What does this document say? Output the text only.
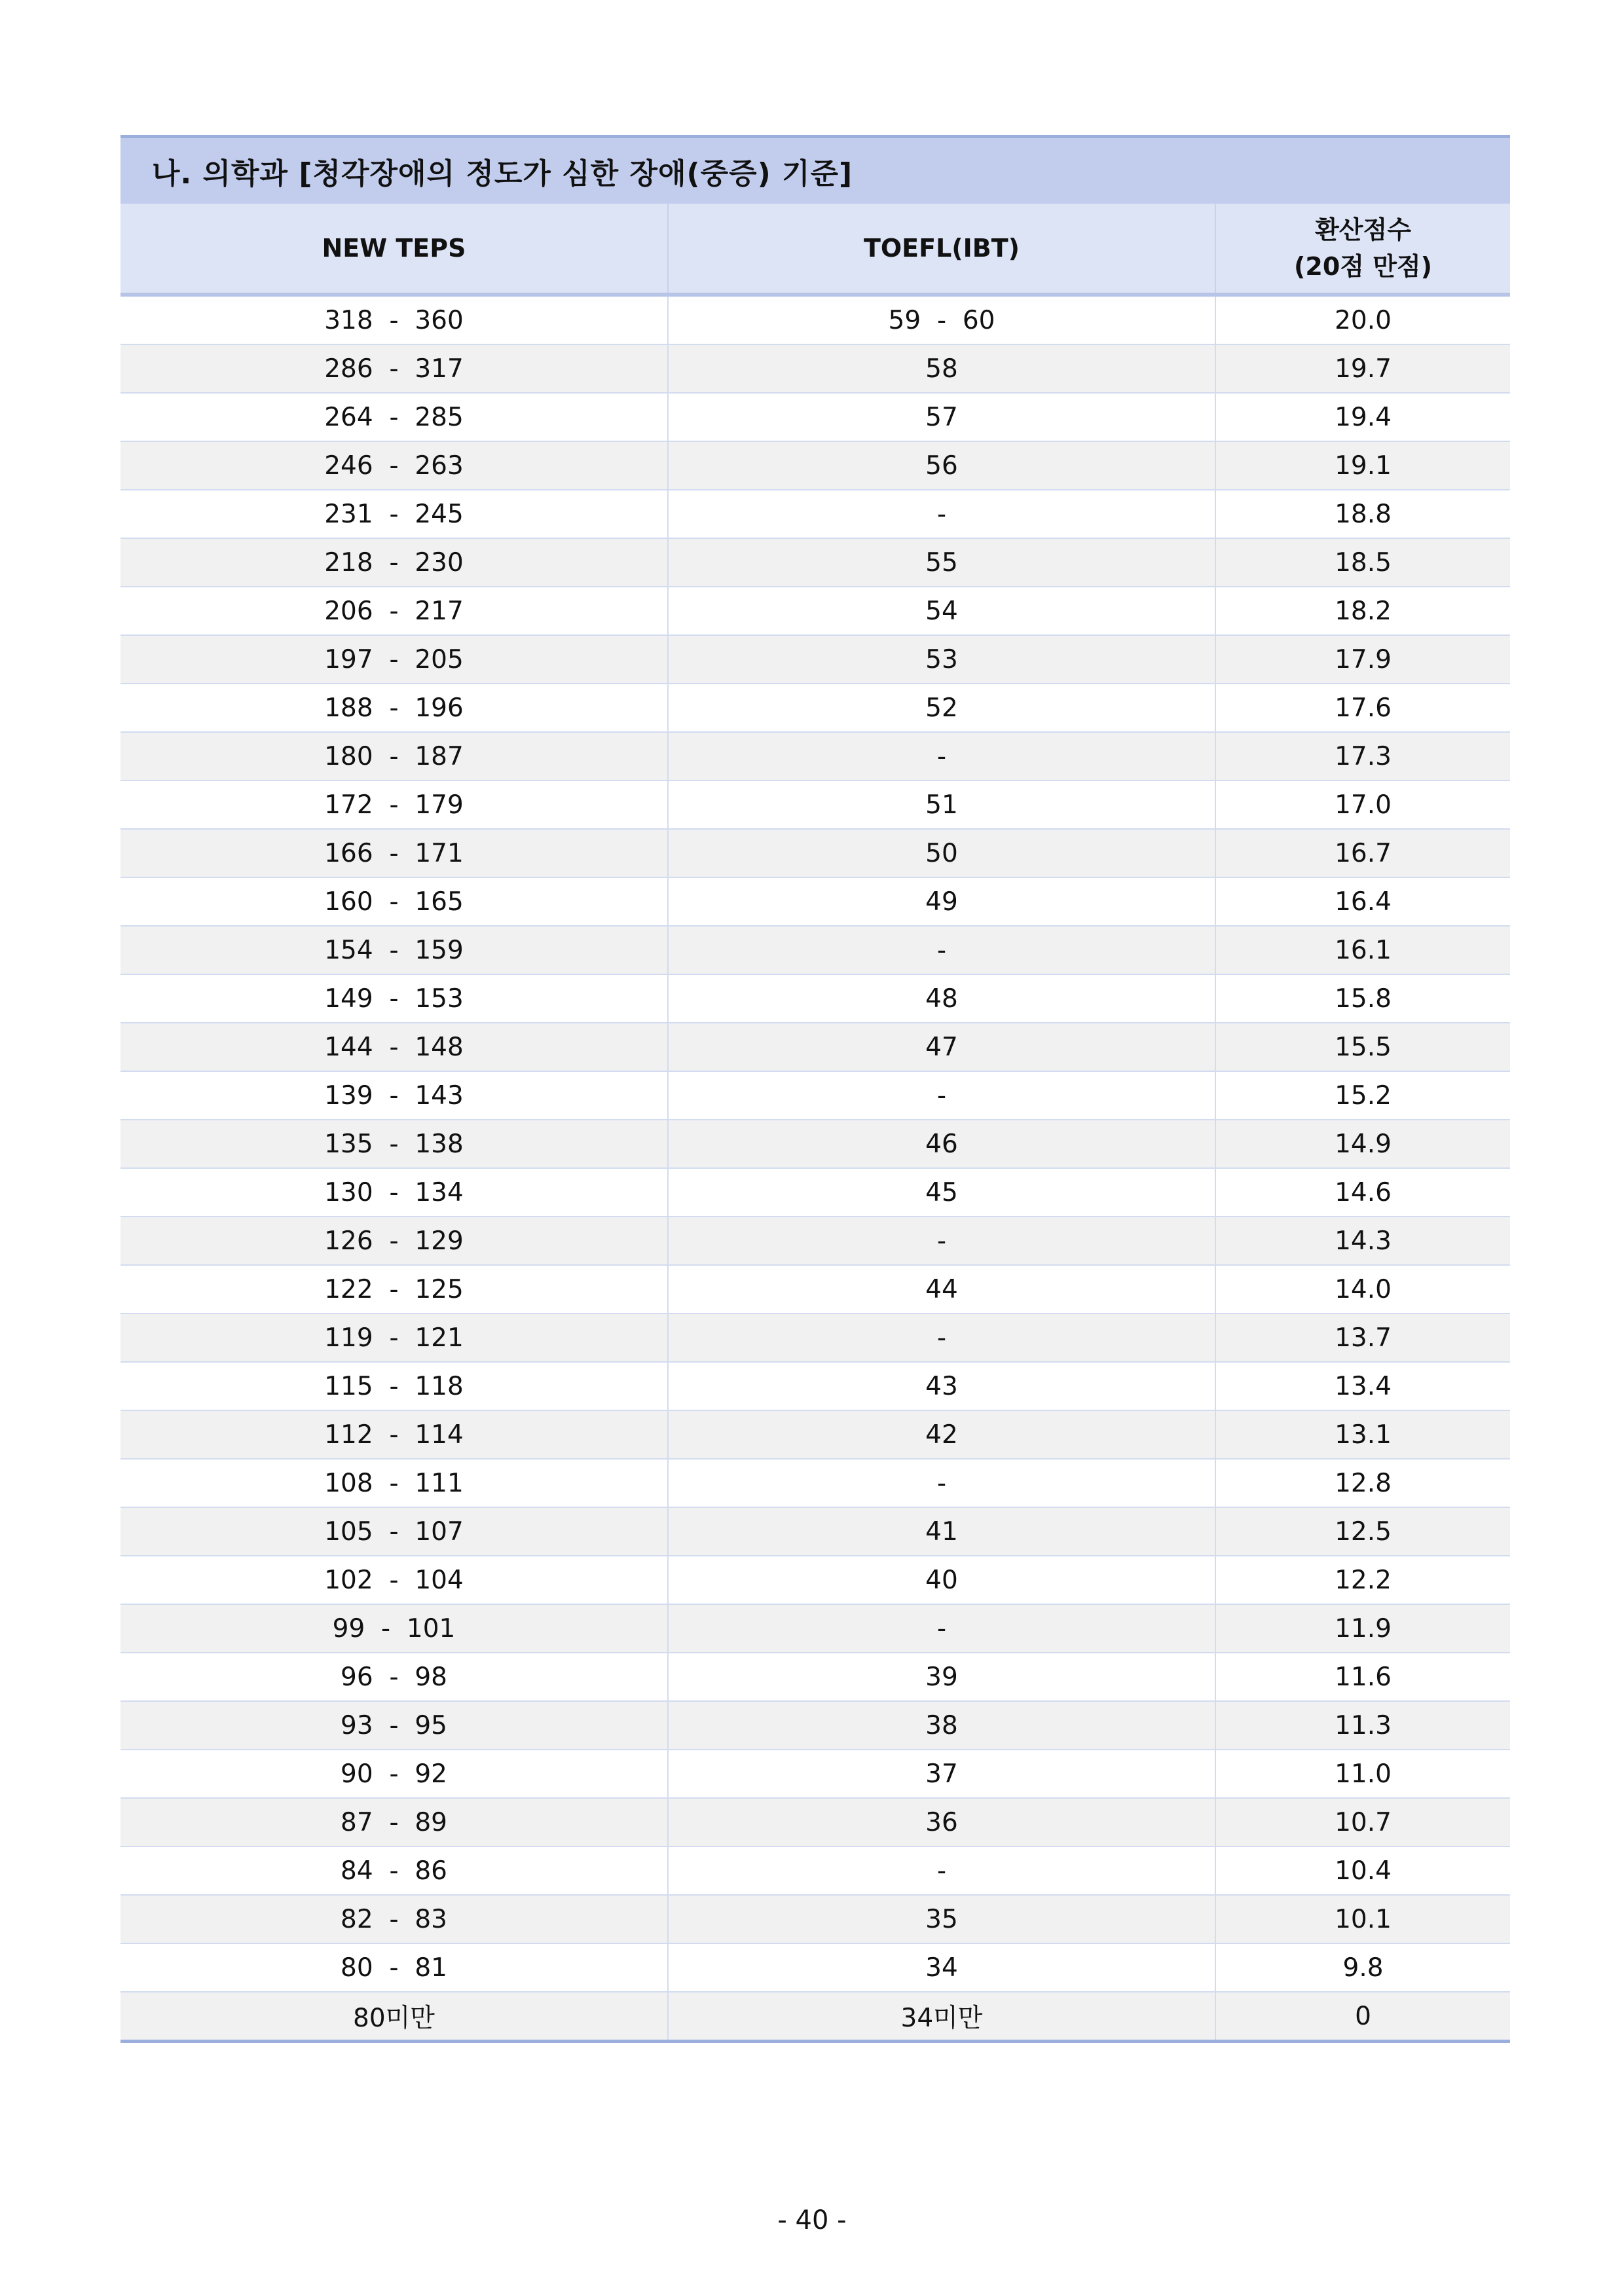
나. 의학과 [청각장애의 정도가 심한 장애(중증) 기준]		
NEW TEPS	TOEFL(IBT)	환산점수
(20점 만점)

318  -  360	59  -  60	20.0
286  -  317	58	19.7
264  -  285	57	19.4
246  -  263	56	19.1
231  -  245	-	18.8
218  -  230	55	18.5
206  -  217	54	18.2
197  -  205	53	17.9
188  -  196	52	17.6
180  -  187	-	17.3
172  -  179	51	17.0
166  -  171	50	16.7
160  -  165	49	16.4
154  -  159	-	16.1
149  -  153	48	15.8
144  -  148	47	15.5
139  -  143	-	15.2
135  -  138	46	14.9
130  -  134	45	14.6
126  -  129	-	14.3
122  -  125	44	14.0
119  -  121	-	13.7
115  -  118	43	13.4
112  -  114	42	13.1
108  -  111	-	12.8
105  -  107	41	12.5
102  -  104	40	12.2
99  -  101	-	11.9
96  -  98	39	11.6
93  -  95	38	11.3
90  -  92	37	11.0
87  -  89	36	10.7
84  -  86	-	10.4
82  -  83	35	10.1
80  -  81	34	9.8
80미만	34미만	0
- 40 -
